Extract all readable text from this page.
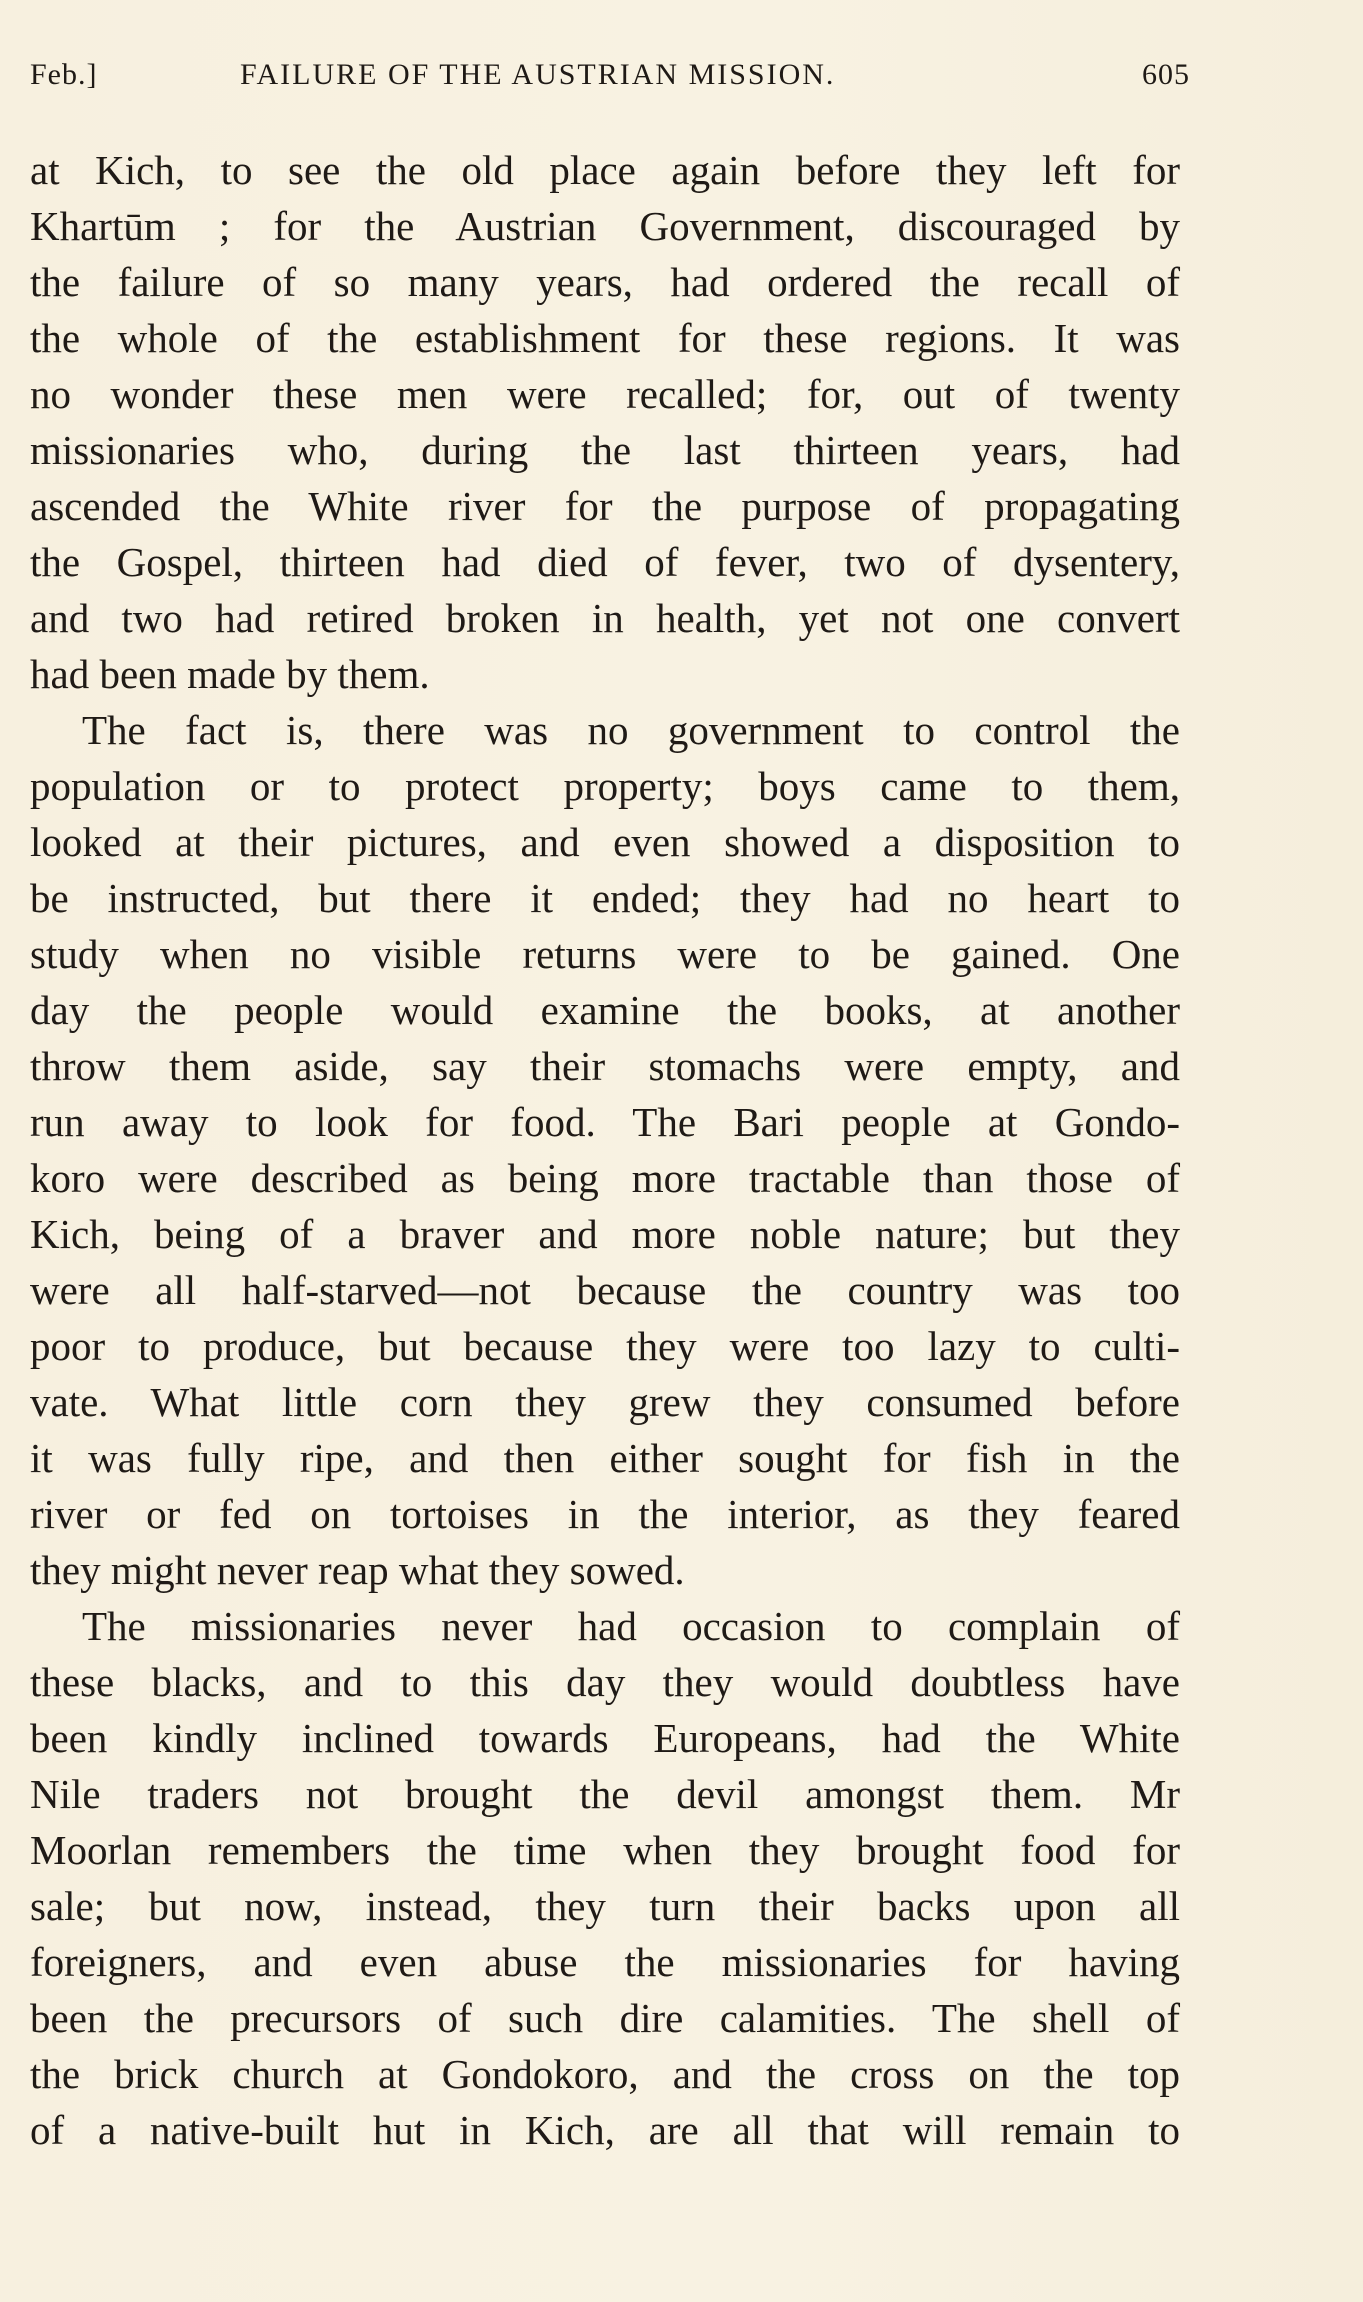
Feb.]	FAILURE OF THE AUSTRIAN MISSION.	605
at Kich, to see the old place again before they left for
Khartūm ; for the Austrian Government, discouraged by
the failure of so many years, had ordered the recall of
the whole of the establishment for these regions. It was
no wonder these men were recalled; for, out of twenty
missionaries who, during the last thirteen years, had
ascended the White river for the purpose of propagating
the Gospel, thirteen had died of fever, two of dysentery,
and two had retired broken in health, yet not one convert
had been made by them.
The fact is, there was no government to control the
population or to protect property; boys came to them,
looked at their pictures, and even showed a disposition to
be instructed, but there it ended; they had no heart to
study when no visible returns were to be gained. One
day the people would examine the books, at another
throw them aside, say their stomachs were empty, and
run away to look for food. The Bari people at Gondo-
koro were described as being more tractable than those of
Kich, being of a braver and more noble nature; but they
were all half-starved—not because the country was too
poor to produce, but because they were too lazy to culti-
vate. What little corn they grew they consumed before
it was fully ripe, and then either sought for fish in the
river or fed on tortoises in the interior, as they feared
they might never reap what they sowed.
The missionaries never had occasion to complain of
these blacks, and to this day they would doubtless have
been kindly inclined towards Europeans, had the White
Nile traders not brought the devil amongst them. Mr
Moorlan remembers the time when they brought food for
sale; but now, instead, they turn their backs upon all
foreigners, and even abuse the missionaries for having
been the precursors of such dire calamities. The shell of
the brick church at Gondokoro, and the cross on the top
of a native-built hut in Kich, are all that will remain to
